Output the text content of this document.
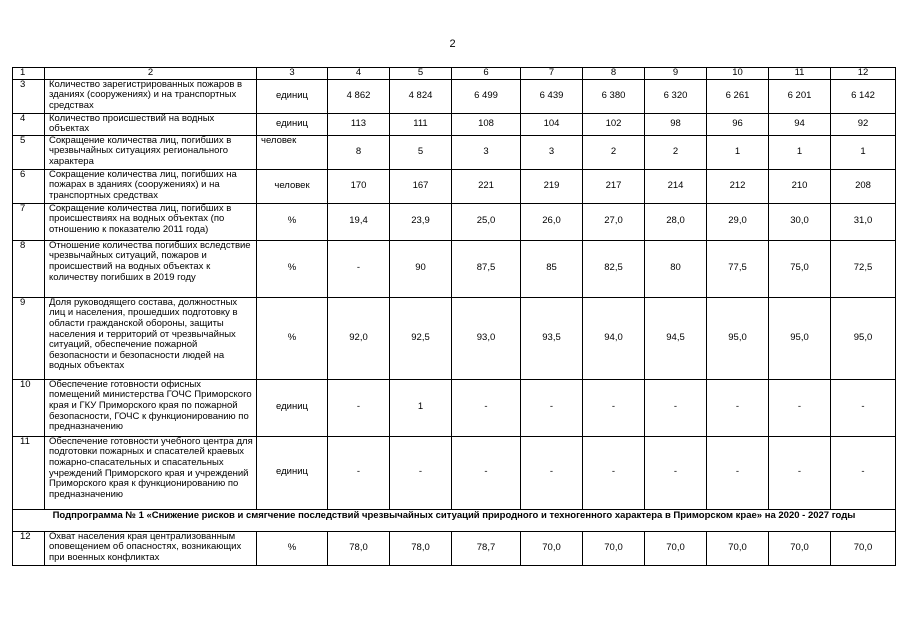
2
1	2	3	4	5	6	7	8	9	10	11	12
3	Количество зарегистрированных пожаров в зданиях (сооружениях) и на транспортных средствах	единиц	4 862	4 824	6 499	6 439	6 380	6 320	6 261	6 201	6 142
4	Количество происшествий на водных объектах	единиц	113	111	108	104	102	98	96	94	92
5	Сокращение количества лиц, погибших в чрезвычайных ситуациях регионального характера	человек	8	5	3	3	2	2	1	1	1
6	Сокращение количества лиц, погибших на пожарах в зданиях (сооружениях) и на транспортных средствах	человек	170	167	221	219	217	214	212	210	208
7	Сокращение количества лиц, погибших в происшествиях на водных объектах (по отношению к показателю 2011 года)	%	19,4	23,9	25,0	26,0	27,0	28,0	29,0	30,0	31,0
8	Отношение количества погибших вследствие чрезвычайных ситуаций, пожаров и происшествий на водных объектах к количеству погибших в 2019 году	%	-	90	87,5	85	82,5	80	77,5	75,0	72,5
9	Доля руководящего состава, должностных лиц и населения, прошедших подготовку в области гражданской обороны, защиты населения и территорий от чрезвычайных ситуаций, обеспечение пожарной безопасности и безопасности людей на водных объектах	%	92,0	92,5	93,0	93,5	94,0	94,5	95,0	95,0	95,0
10	Обеспечение готовности офисных помещений министерства ГОЧС Приморского края и ГКУ Приморского края по пожарной безопасности, ГОЧС к функционированию по предназначению	единиц	-	1	-	-	-	-	-	-	-
11	Обеспечение готовности учебного центра для подготовки пожарных и спасателей краевых пожарно-спасательных и спасательных учреждений Приморского края и учреждений Приморского края к функционированию по предназначению	единиц	-	-	-	-	-	-	-	-	-
Подпрограмма № 1 «Снижение рисков и смягчение последствий чрезвычайных ситуаций природного и техногенного характера в Приморском крае» на 2020 - 2027 годы											
12	Охват населения края централизованным оповещением об опасностях, возникающих при военных конфликтах	%	78,0	78,0	78,7	70,0	70,0	70,0	70,0	70,0	70,0
